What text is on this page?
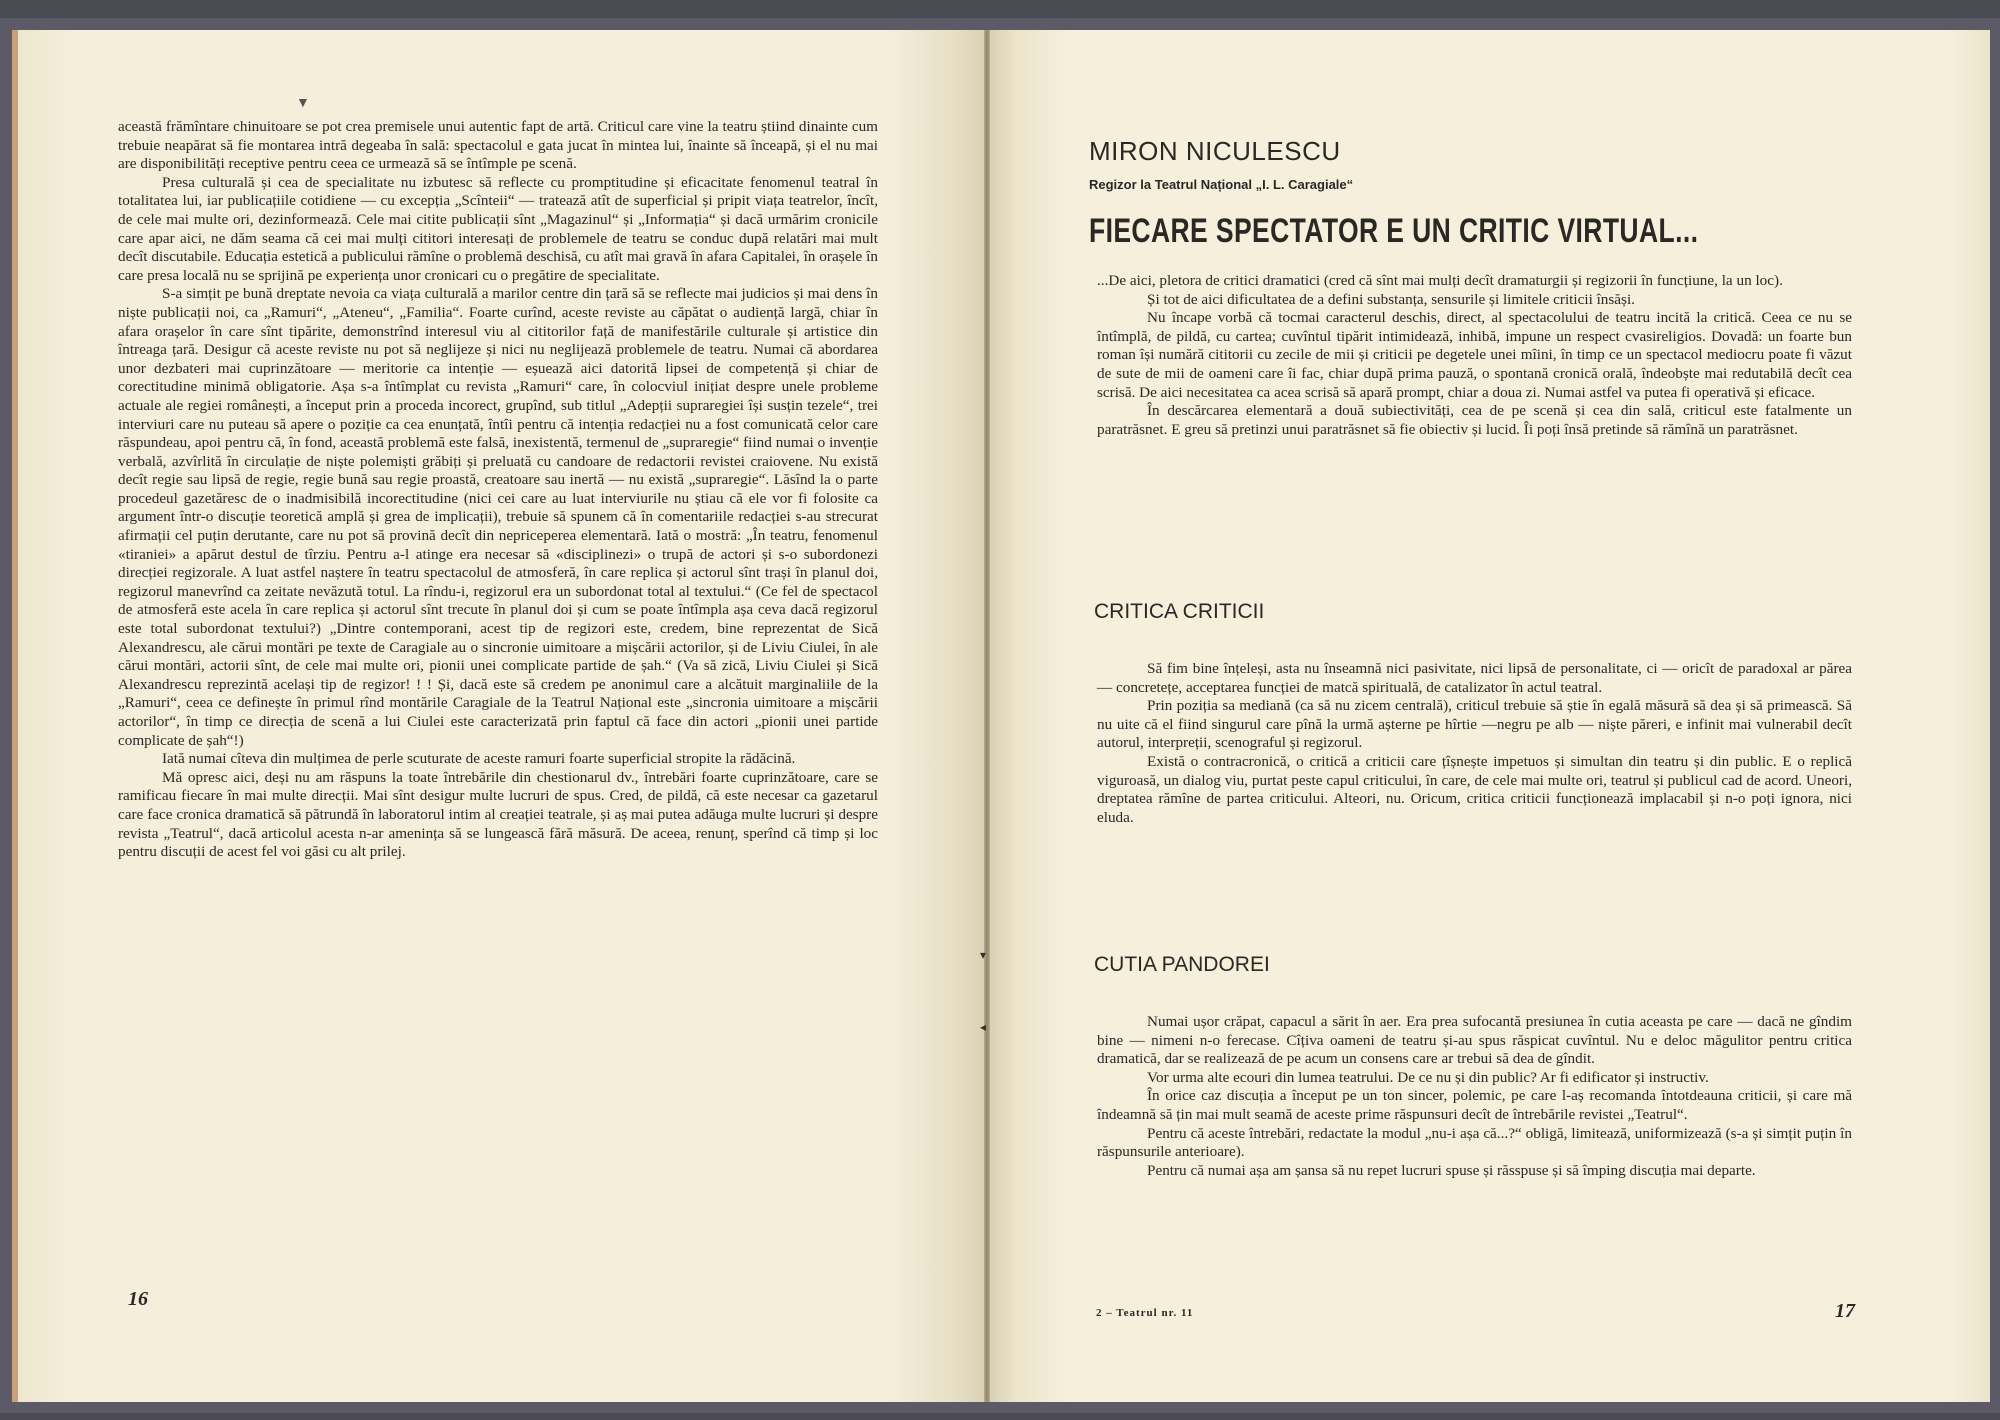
▼

această frămîntare chinuitoare se pot crea premisele unui autentic fapt de artă. Criticul care vine la teatru știind dinainte cum trebuie neapărat să fie montarea intră degeaba în sală: spectacolul e gata jucat în mintea lui, înainte să înceapă, și el nu mai are disponibilități receptive pentru ceea ce urmează să se întîmple pe scenă.

Presa culturală și cea de specialitate nu izbutesc să reflecte cu promptitudine și eficacitate fenomenul teatral în totalitatea lui, iar publicațiile cotidiene — cu excepția „Scînteii“ — tratează atît de superficial și pripit viața teatrelor, încît, de cele mai multe ori, dezinformează. Cele mai citite publicații sînt „Magazinul“ și „Informația“ și dacă urmărim cronicile care apar aici, ne dăm seama că cei mai mulți cititori interesați de problemele de teatru se conduc după relatări mai mult decît discutabile. Educația estetică a publicului rămîne o problemă deschisă, cu atît mai gravă în afara Capitalei, în orașele în care presa locală nu se sprijină pe experiența unor cronicari cu o pregătire de specialitate.

S-a simțit pe bună dreptate nevoia ca viața culturală a marilor centre din țară să se reflecte mai judicios și mai dens în niște publicații noi, ca „Ramuri“, „Ateneu“, „Familia“. Foarte curînd, aceste reviste au căpătat o audiență largă, chiar în afara orașelor în care sînt tipărite, demonstrînd interesul viu al cititorilor față de manifestările culturale și artistice din întreaga țară. Desigur că aceste reviste nu pot să neglijeze și nici nu neglijează problemele de teatru. Numai că abordarea unor dezbateri mai cuprinzătoare — meritorie ca intenție — eșuează aici datorită lipsei de competență și chiar de corectitudine minimă obligatorie. Așa s-a întîmplat cu revista „Ramuri“ care, în colocviul inițiat despre unele probleme actuale ale regiei românești, a început prin a proceda incorect, grupînd, sub titlul „Adepții supraregiei își susțin tezele“, trei interviuri care nu puteau să apere o poziție ca cea enunțată, întîi pentru că intenția redacției nu a fost comunicată celor care răspundeau, apoi pentru că, în fond, această problemă este falsă, inexistentă, termenul de „supraregie“ fiind numai o invenție verbală, azvîrlită în circulație de niște polemiști grăbiți și preluată cu candoare de redactorii revistei craiovene. Nu există decît regie sau lipsă de regie, regie bună sau regie proastă, creatoare sau inertă — nu există „supraregie“. Lăsînd la o parte procedeul gazetăresc de o inadmisibilă incorectitudine (nici cei care au luat interviurile nu știau că ele vor fi folosite ca argument într-o discuție teoretică amplă și grea de implicații), trebuie să spunem că în comentariile redacției s-au strecurat afirmații cel puțin derutante, care nu pot să provină decît din nepriceperea elementară. Iată o mostră: „În teatru, fenomenul «tiraniei» a apărut destul de tîrziu. Pentru a-l atinge era necesar să «disciplinezi» o trupă de actori și s-o subordonezi direcției regizorale. A luat astfel naștere în teatru spectacolul de atmosferă, în care replica și actorul sînt trași în planul doi, regizorul manevrînd ca zeitate nevăzută totul. La rîndu-i, regizorul era un subordonat total al textului.“ (Ce fel de spectacol de atmosferă este acela în care replica și actorul sînt trecute în planul doi și cum se poate întîmpla așa ceva dacă regizorul este total subordonat textului?) „Dintre contemporani, acest tip de regizori este, credem, bine reprezentat de Sică Alexandrescu, ale cărui montări pe texte de Caragiale au o sincronie uimitoare a mișcării actorilor, și de Liviu Ciulei, în ale cărui montări, actorii sînt, de cele mai multe ori, pionii unei complicate partide de șah.“ (Va să zică, Liviu Ciulei și Sică Alexandrescu reprezintă același tip de regizor! ! ! Și, dacă este să credem pe anonimul care a alcătuit marginaliile de la „Ramuri“, ceea ce definește în primul rînd montările Caragiale de la Teatrul Național este „sincronia uimitoare a mișcării actorilor“, în timp ce direcția de scenă a lui Ciulei este caracterizată prin faptul că face din actori „pionii unei partide complicate de șah“!)

Iată numai cîteva din mulțimea de perle scuturate de aceste ramuri foarte superficial stropite la rădăcină.

Mă opresc aici, deși nu am răspuns la toate întrebările din chestionarul dv., întrebări foarte cuprinzătoare, care se ramificau fiecare în mai multe direcții. Mai sînt desigur multe lucruri de spus. Cred, de pildă, că este necesar ca gazetarul care face cronica dramatică să pătrundă în laboratorul intim al creației teatrale, și aș mai putea adăuga multe lucruri și despre revista „Teatrul“, dacă articolul acesta n-ar amenința să se lungească fără măsură. De aceea, renunț, sperînd că timp și loc pentru discuții de acest fel voi găsi cu alt prilej.

16
MIRON NICULESCU
Regizor la Teatrul Național „I. L. Caragiale“
FIECARE SPECTATOR E UN CRITIC VIRTUAL...

...De aici, pletora de critici dramatici (cred că sînt mai mulți decît dramaturgii și regizorii în funcțiune, la un loc).

Și tot de aici dificultatea de a defini substanța, sensurile și limitele criticii însăși.

Nu încape vorbă că tocmai caracterul deschis, direct, al spectacolului de teatru incită la critică. Ceea ce nu se întîmplă, de pildă, cu cartea; cuvîntul tipărit intimidează, inhibă, impune un respect cvasireligios. Dovadă: un foarte bun roman își numără cititorii cu zecile de mii și criticii pe degetele unei mîini, în timp ce un spectacol mediocru poate fi văzut de sute de mii de oameni care îi fac, chiar după prima pauză, o spontană cronică orală, îndeobște mai redutabilă decît cea scrisă. De aici necesitatea ca acea scrisă să apară prompt, chiar a doua zi. Numai astfel va putea fi operativă și eficace.

În descărcarea elementară a două subiectivități, cea de pe scenă și cea din sală, criticul este fatalmente un paratrăsnet. E greu să pretinzi unui paratrăsnet să fie obiectiv și lucid. Îi poți însă pretinde să rămînă un paratrăsnet.

CRITICA CRITICII

Să fim bine înțeleși, asta nu înseamnă nici pasivitate, nici lipsă de personalitate, ci — oricît de paradoxal ar părea — concretețe, acceptarea funcției de matcă spirituală, de catalizator în actul teatral.

Prin poziția sa mediană (ca să nu zicem centrală), criticul trebuie să știe în egală măsură să dea și să primească. Să nu uite că el fiind singurul care pînă la urmă așterne pe hîrtie —negru pe alb — niște păreri, e infinit mai vulnerabil decît autorul, interpreții, scenograful și regizorul.

Există o contracronică, o critică a criticii care țîșnește impetuos și simultan din teatru și din public. E o replică viguroasă, un dialog viu, purtat peste capul criticului, în care, de cele mai multe ori, teatrul și publicul cad de acord. Uneori, dreptatea rămîne de partea criticului. Alteori, nu. Oricum, critica criticii funcționează implacabil și n-o poți ignora, nici eluda.

CUTIA PANDOREI
▾
◂	Numai ușor crăpat, capacul a sărit în aer. Era prea sufocantă presiunea în cutia aceasta pe care — dacă ne gîndim bine — nimeni n-o ferecase. Cîțiva oameni de teatru și-au spus răspicat cuvîntul. Nu e deloc măgulitor pentru critica dramatică, dar se realizează de pe acum un consens care ar trebui să dea de gîndit.

Vor urma alte ecouri din lumea teatrului. De ce nu și din public? Ar fi edificator și instructiv.

În orice caz discuția a început pe un ton sincer, polemic, pe care l-aș recomanda întotdeauna criticii, și care mă îndeamnă să țin mai mult seamă de aceste prime răspunsuri decît de întrebările revistei „Teatrul“.

Pentru că aceste întrebări, redactate la modul „nu-i așa că...?“ obligă, limitează, uniformizează (s-a și simțit puțin în răspunsurile anterioare).

Pentru că numai așa am șansa să nu repet lucruri spuse și răsspuse și să împing discuția mai departe.

2 – Teatrul nr. 11	17
